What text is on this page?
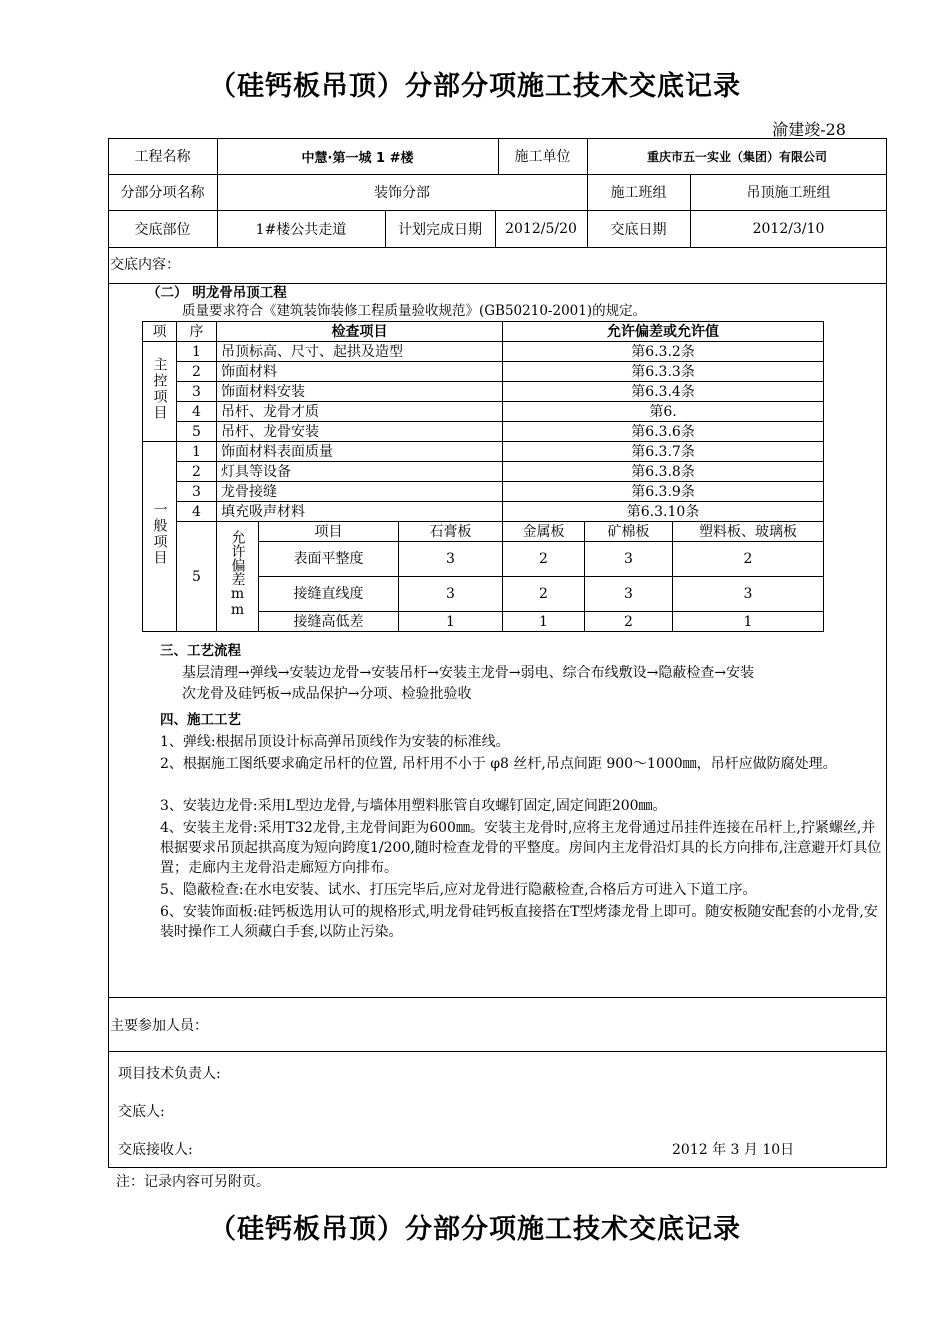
（硅钙板吊顶）分部分项施工技术交底记录
渝建竣-28
工程名称	中慧·第一城 1 #楼	施工单位	重庆市五一实业（集团）有限公司
分部分项名称	装饰分部	施工班组	吊顶施工班组
交底部位	1#楼公共走道	计划完成日期	2012/5/20	交底日期	2012/3/10
交底内容：
（二） 明龙骨吊顶工程
质量要求符合《建筑装饰装修工程质量验收规范》(GB50210-2001)的规定。
项	序	检查项目			允许偏差或允许值		
主控项目	1	吊顶标高、尺寸、起拱及造型			第6.3.2条		
	2	饰面材料			第6.3.3条		
	3	饰面材料安装			第6.3.4条		
	4	吊杆、龙骨才质			第6.		
	5	吊杆、龙骨安装			第6.3.6条		
一般项目	1	饰面材料表面质量			第6.3.7条		
	2	灯具等设备			第6.3.8条		
	3	龙骨接缝			第6.3.9条		
	4	填充吸声材料			第6.3.10条		
	5	允许偏差mm	项目	石膏板	金属板	矿棉板	塑料板、玻璃板
			表面平整度	3	2	3	2
			接缝直线度	3	2	3	3
			接缝高低差	1	1	2	1
三、工艺流程
基层清理→弹线→安装边龙骨→安装吊杆→安装主龙骨→弱电、综合布线敷设→隐蔽检查→安装
次龙骨及硅钙板→成品保护→分项、检验批验收
四、施工工艺
1、弹线:根据吊顶设计标高弹吊顶线作为安装的标准线。
2、根据施工图纸要求确定吊杆的位置, 吊杆用不小于 φ8 丝杆,吊点间距 900～1000㎜，吊杆应做防腐处理。
3、安装边龙骨:采用L型边龙骨,与墙体用塑料胀管自攻螺钉固定,固定间距200㎜。
4、安装主龙骨:采用T32龙骨,主龙骨间距为600㎜。安装主龙骨时,应将主龙骨通过吊挂件连接在吊杆上,拧紧螺丝,并根据要求吊顶起拱高度为短向跨度1/200,随时检查龙骨的平整度。房间内主龙骨沿灯具的长方向排布,注意避开灯具位置；走廊内主龙骨沿走廊短方向排布。
5、隐蔽检查:在水电安装、试水、打压完毕后,应对龙骨进行隐蔽检查,合格后方可进入下道工序。
6、安装饰面板:硅钙板选用认可的规格形式,明龙骨硅钙板直接搭在T型烤漆龙骨上即可。随安板随安配套的小龙骨,安装时操作工人须藏白手套,以防止污染。
主要参加人员：
项目技术负责人:
交底人:
交底接收人:	2012 年 3 月 10日
注：记录内容可另附页。
（硅钙板吊顶）分部分项施工技术交底记录
